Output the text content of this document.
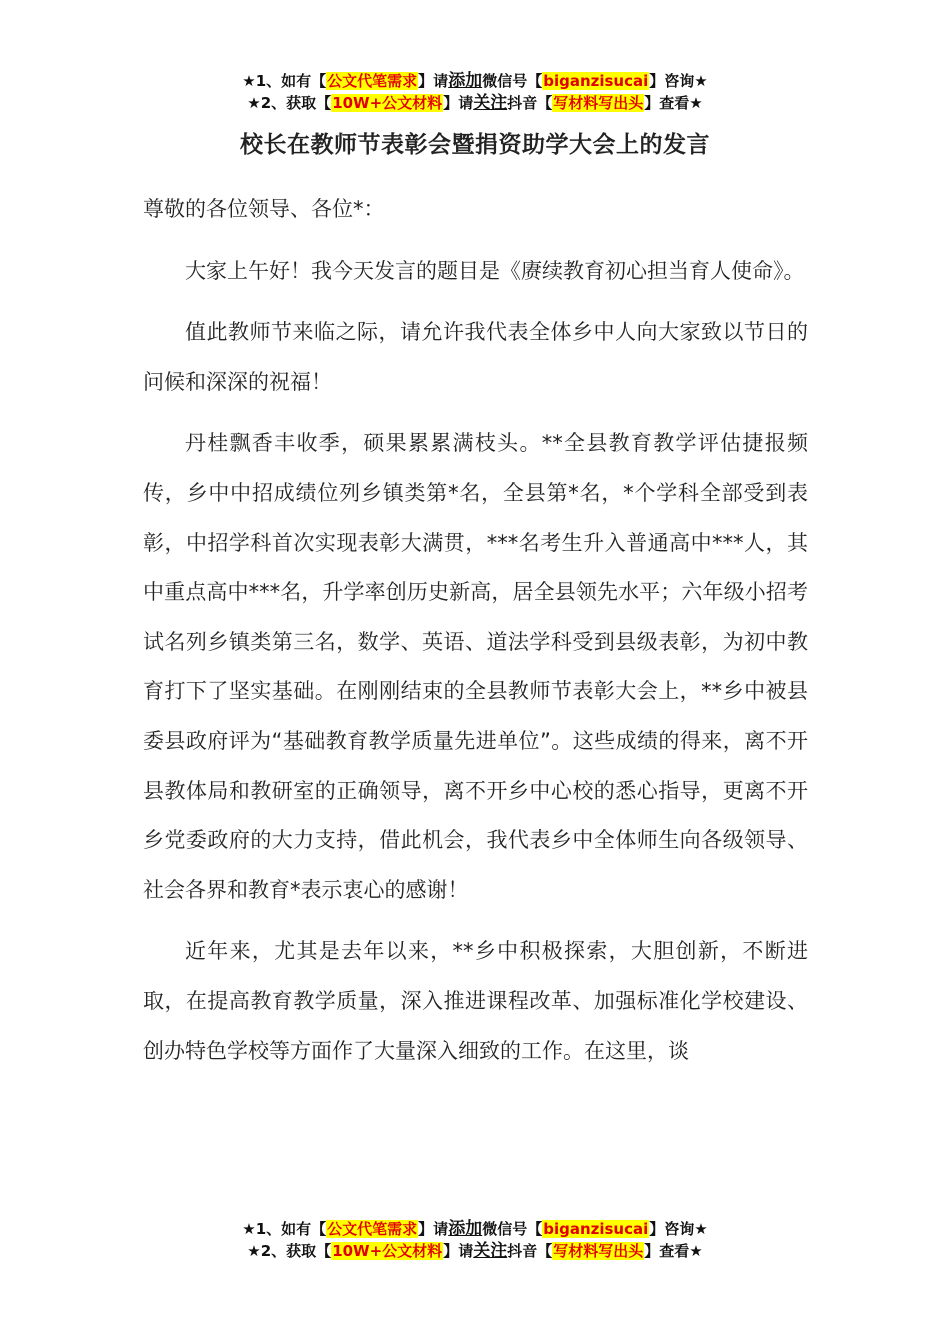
★1、如有【公文代笔需求】请添加微信号【biganzisucai】咨询★
★2、获取【10W+公文材料】请关注抖音【写材料写出头】查看★
校长在教师节表彰会暨捐资助学大会上的发言

尊敬的各位领导、各位*：

大家上午好！我今天发言的题目是《赓续教育初心担当育人使命》。

值此教师节来临之际，请允许我代表全体乡中人向大家致以节日的问候和深深的祝福！

丹桂飘香丰收季，硕果累累满枝头。**全县教育教学评估捷报频传，乡中中招成绩位列乡镇类第*名，全县第*名，*个学科全部受到表彰，中招学科首次实现表彰大满贯，***名考生升入普通高中***人，其中重点高中***名，升学率创历史新高，居全县领先水平；六年级小招考试名列乡镇类第三名，数学、英语、道法学科受到县级表彰，为初中教育打下了坚实基础。在刚刚结束的全县教师节表彰大会上，**乡中被县委县政府评为“基础教育教学质量先进单位”。这些成绩的得来，离不开县教体局和教研室的正确领导，离不开乡中心校的悉心指导，更离不开乡党委政府的大力支持，借此机会，我代表乡中全体师生向各级领导、社会各界和教育*表示衷心的感谢！

近年来，尤其是去年以来，**乡中积极探索，大胆创新，不断进取，在提高教育教学质量，深入推进课程改革、加强标准化学校建设、创办特色学校等方面作了大量深入细致的工作。在这里，谈

★1、如有【公文代笔需求】请添加微信号【biganzisucai】咨询★
★2、获取【10W+公文材料】请关注抖音【写材料写出头】查看★
